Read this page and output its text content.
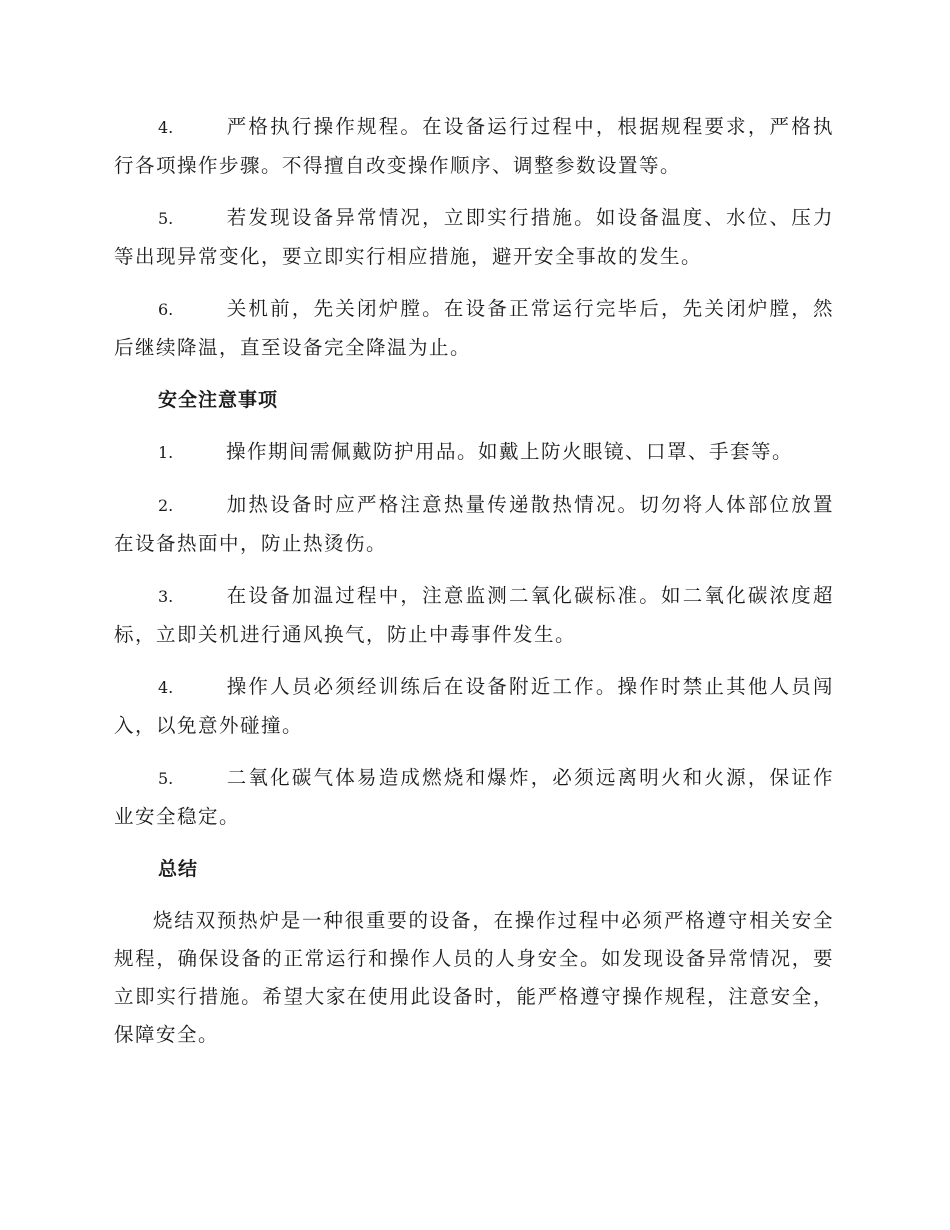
4.	严格执行操作规程。在设备运行过程中，根据规程要求，严格执行各项操作步骤。不得擅自改变操作顺序、调整参数设置等。
5.	若发现设备异常情况，立即实行措施。如设备温度、水位、压力等出现异常变化，要立即实行相应措施，避开安全事故的发生。
6.	关机前，先关闭炉膛。在设备正常运行完毕后，先关闭炉膛，然后继续降温，直至设备完全降温为止。
安全注意事项
1.	操作期间需佩戴防护用品。如戴上防火眼镜、口罩、手套等。
2.	加热设备时应严格注意热量传递散热情况。切勿将人体部位放置在设备热面中，防止热烫伤。
3.	在设备加温过程中，注意监测二氧化碳标准。如二氧化碳浓度超标，立即关机进行通风换气，防止中毒事件发生。
4.	操作人员必须经训练后在设备附近工作。操作时禁止其他人员闯入，以免意外碰撞。
5.	二氧化碳气体易造成燃烧和爆炸，必须远离明火和火源，保证作业安全稳定。
总结

烧结双预热炉是一种很重要的设备，在操作过程中必须严格遵守相关安全规程，确保设备的正常运行和操作人员的人身安全。如发现设备异常情况，要立即实行措施。希望大家在使用此设备时，能严格遵守操作规程，注意安全，保障安全。
